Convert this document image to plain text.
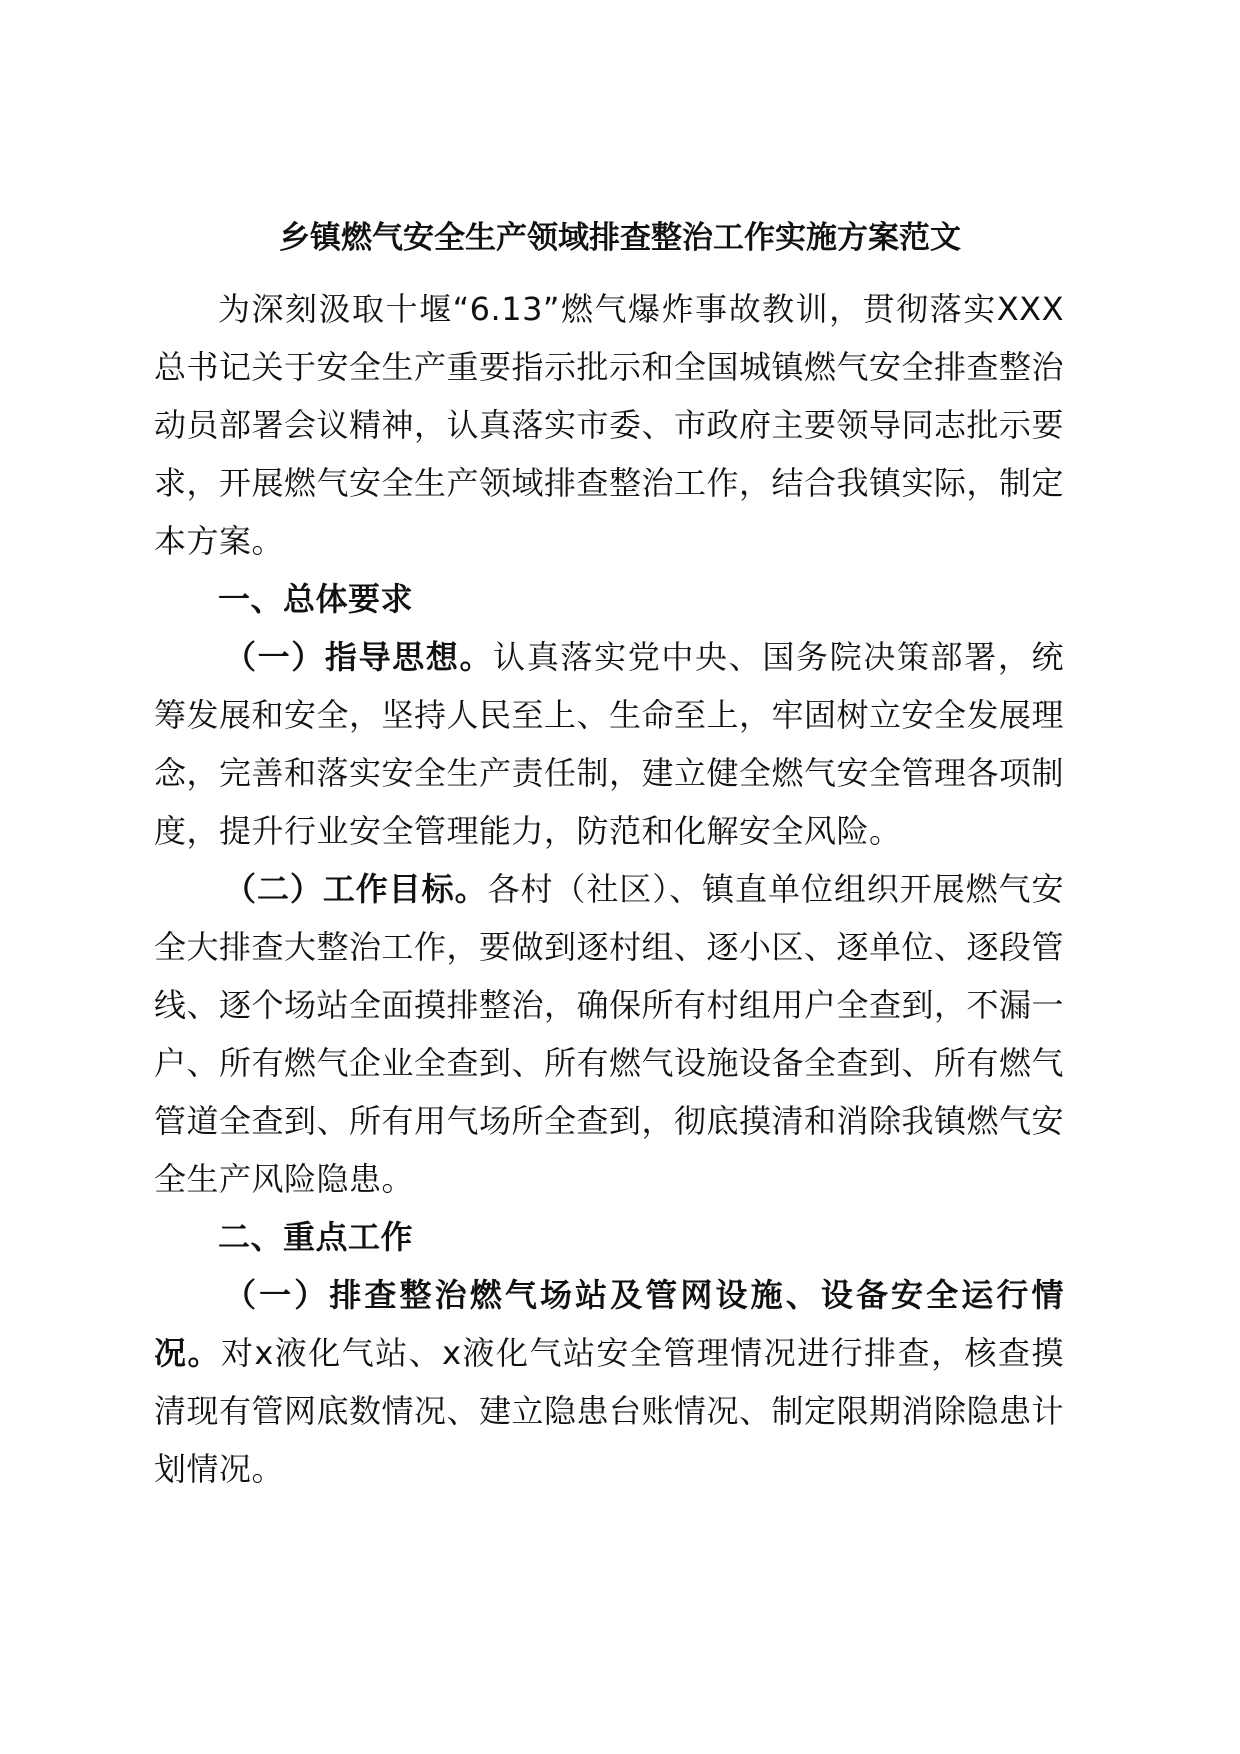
乡镇燃气安全生产领域排查整治工作实施方案范文

为深刻汲取十堰“6.13”燃气爆炸事故教训，贯彻落实XXX总书记关于安全生产重要指示批示和全国城镇燃气安全排查整治动员部署会议精神，认真落实市委、市政府主要领导同志批示要求，开展燃气安全生产领域排查整治工作，结合我镇实际，制定本方案。

一、总体要求

（一）指导思想。认真落实党中央、国务院决策部署，统筹发展和安全，坚持人民至上、生命至上，牢固树立安全发展理念，完善和落实安全生产责任制，建立健全燃气安全管理各项制度，提升行业安全管理能力，防范和化解安全风险。

（二）工作目标。各村（社区）、镇直单位组织开展燃气安全大排查大整治工作，要做到逐村组、逐小区、逐单位、逐段管线、逐个场站全面摸排整治，确保所有村组用户全查到，不漏一户、所有燃气企业全查到、所有燃气设施设备全查到、所有燃气管道全查到、所有用气场所全查到，彻底摸清和消除我镇燃气安全生产风险隐患。

二、重点工作

（一）排查整治燃气场站及管网设施、设备安全运行情况。对x液化气站、x液化气站安全管理情况进行排查，核查摸清现有管网底数情况、建立隐患台账情况、制定限期消除隐患计划情况。
